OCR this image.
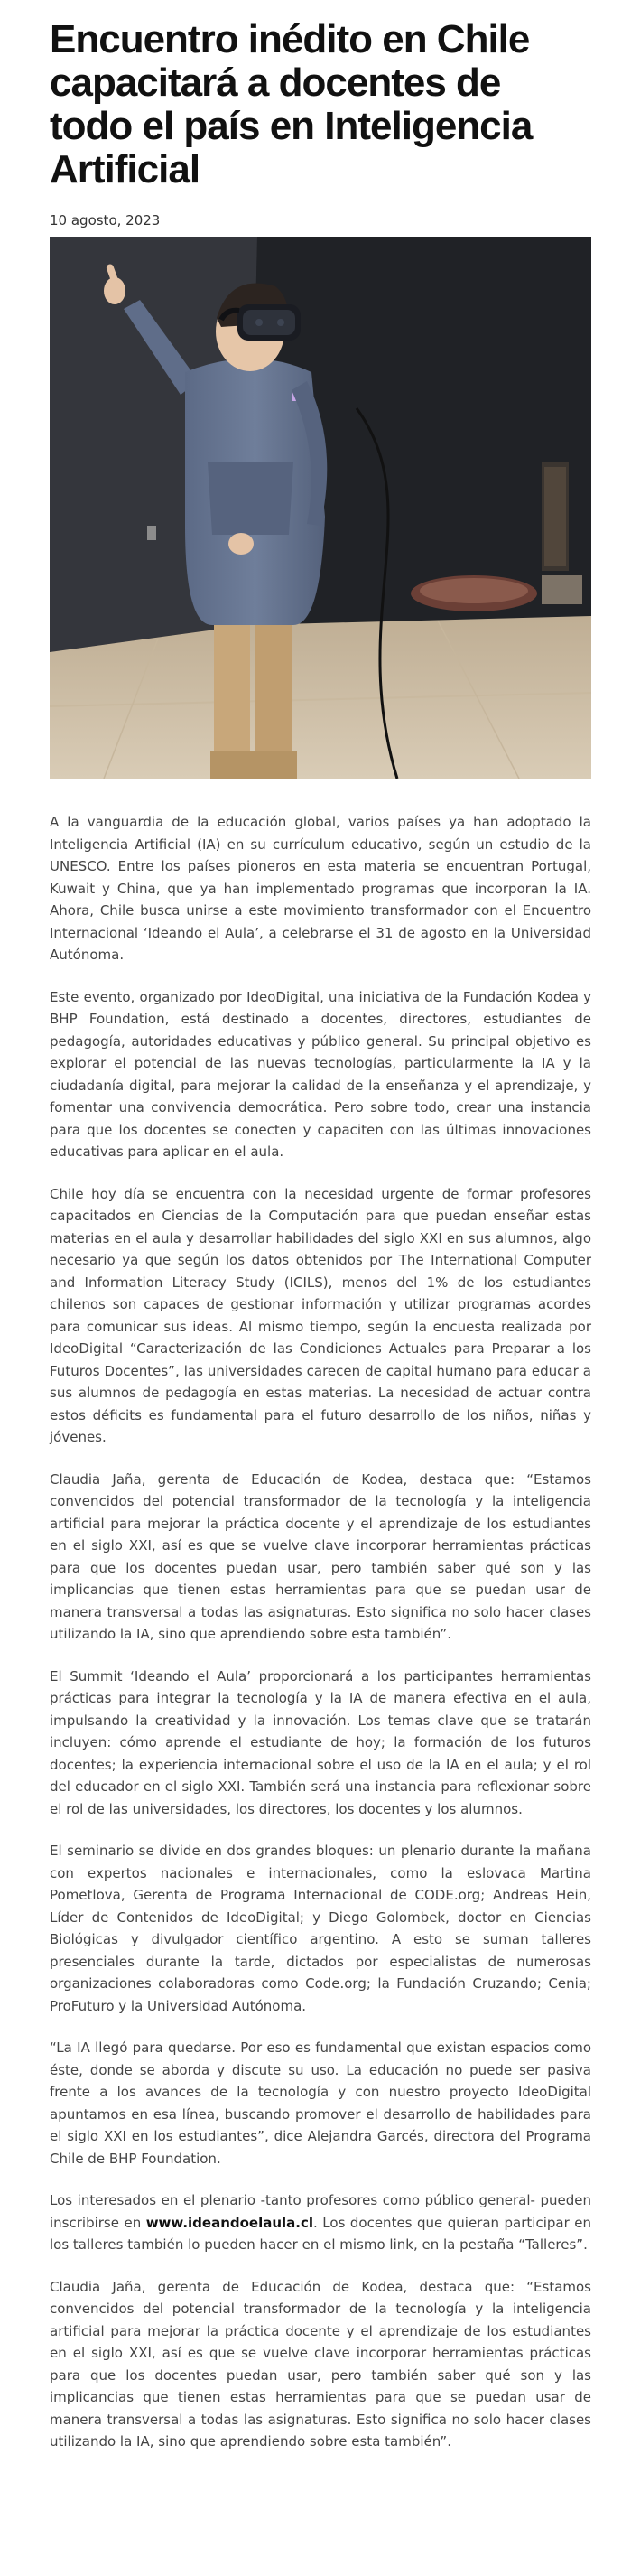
Encuentro inédito en Chile capacitará a docentes de todo el país en Inteligencia Artificial
10 agosto, 2023

A la vanguardia de la educación global, varios países ya han adoptado la Inteligencia Artificial (IA) en su currículum educativo, según un estudio de la UNESCO. Entre los países pioneros en esta materia se encuentran Portugal, Kuwait y China, que ya han implementado programas que incorporan la IA. Ahora, Chile busca unirse a este movimiento transformador con el Encuentro Internacional ‘Ideando el Aula’, a celebrarse el 31 de agosto en la Universidad Autónoma.

Este evento, organizado por IdeoDigital, una iniciativa de la Fundación Kodea y BHP Foundation, está destinado a docentes, directores, estudiantes de pedagogía, autoridades educativas y público general. Su principal objetivo es explorar el potencial de las nuevas tecnologías, particularmente la IA y la ciudadanía digital, para mejorar la calidad de la enseñanza y el aprendizaje, y fomentar una convivencia democrática. Pero sobre todo, crear una instancia para que los docentes se conecten y capaciten con las últimas innovaciones educativas para aplicar en el aula.

Chile hoy día se encuentra con la necesidad urgente de formar profesores capacitados en Ciencias de la Computación para que puedan enseñar estas materias en el aula y desarrollar habilidades del siglo XXI en sus alumnos, algo necesario ya que según los datos obtenidos por The International Computer and Information Literacy Study (ICILS), menos del 1% de los estudiantes chilenos son capaces de gestionar información y utilizar programas acordes para comunicar sus ideas. Al mismo tiempo, según la encuesta realizada por IdeoDigital “Caracterización de las Condiciones Actuales para Preparar a los Futuros Docentes”, las universidades carecen de capital humano para educar a sus alumnos de pedagogía en estas materias. La necesidad de actuar contra estos déficits es fundamental para el futuro desarrollo de los niños, niñas y jóvenes.

Claudia Jaña, gerenta de Educación de Kodea, destaca que: “Estamos convencidos del potencial transformador de la tecnología y la inteligencia artificial para mejorar la práctica docente y el aprendizaje de los estudiantes en el siglo XXI, así es que se vuelve clave incorporar herramientas prácticas para que los docentes puedan usar, pero también saber qué son y las implicancias que tienen estas herramientas para que se puedan usar de manera transversal a todas las asignaturas. Esto significa no solo hacer clases utilizando la IA, sino que aprendiendo sobre esta también”.

El Summit ‘Ideando el Aula’ proporcionará a los participantes herramientas prácticas para integrar la tecnología y la IA de manera efectiva en el aula, impulsando la creatividad y la innovación. Los temas clave que se tratarán incluyen: cómo aprende el estudiante de hoy; la formación de los futuros docentes; la experiencia internacional sobre el uso de la IA en el aula; y el rol del educador en el siglo XXI. También será una instancia para reflexionar sobre el rol de las universidades, los directores, los docentes y los alumnos.

El seminario se divide en dos grandes bloques: un plenario durante la mañana con expertos nacionales e internacionales, como la eslovaca Martina Pometlova, Gerenta de Programa Internacional de CODE.org; Andreas Hein, Líder de Contenidos de IdeoDigital; y Diego Golombek, doctor en Ciencias Biológicas y divulgador científico argentino. A esto se suman talleres presenciales durante la tarde, dictados por especialistas de numerosas organizaciones colaboradoras como Code.org; la Fundación Cruzando; Cenia; ProFuturo y la Universidad Autónoma.

“La IA llegó para quedarse. Por eso es fundamental que existan espacios como éste, donde se aborda y discute su uso. La educación no puede ser pasiva frente a los avances de la tecnología y con nuestro proyecto IdeoDigital apuntamos en esa línea, buscando promover el desarrollo de habilidades para el siglo XXI en los estudiantes”, dice Alejandra Garcés, directora del Programa Chile de BHP Foundation.

Los interesados en el plenario -tanto profesores como público general- pueden inscribirse en www.ideandoelaula.cl. Los docentes que quieran participar en los talleres también lo pueden hacer en el mismo link, en la pestaña “Talleres”.

Claudia Jaña, gerenta de Educación de Kodea, destaca que: “Estamos convencidos del potencial transformador de la tecnología y la inteligencia artificial para mejorar la práctica docente y el aprendizaje de los estudiantes en el siglo XXI, así es que se vuelve clave incorporar herramientas prácticas para que los docentes puedan usar, pero también saber qué son y las implicancias que tienen estas herramientas para que se puedan usar de manera transversal a todas las asignaturas. Esto significa no solo hacer clases utilizando la IA, sino que aprendiendo sobre esta también”.
